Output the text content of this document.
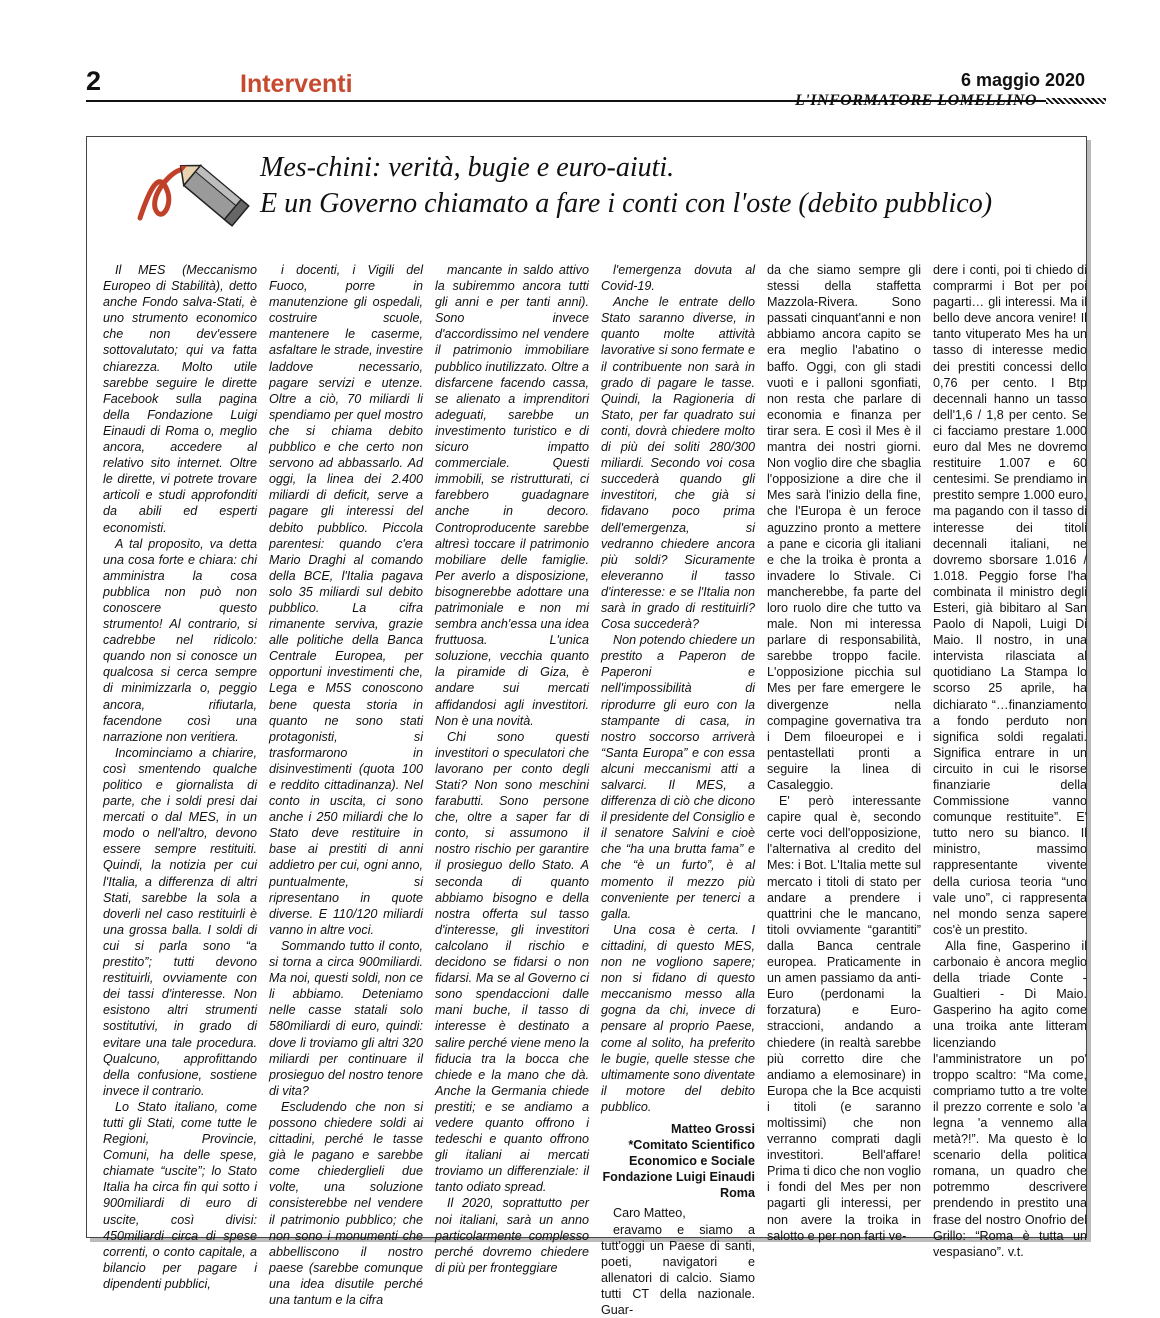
2	Interventi	6 maggio 2020
L'INFORMATORE LOMELLINO
Mes-chini: verità, bugie e euro-aiuti.
E un Governo chiamato a fare i conti con l'oste (debito pubblico)

Il MES (Meccanismo Europeo di Stabilità), detto anche Fondo salva-Stati, è uno strumento economico che non dev'essere sottovalutato; qui va fatta chiarezza. Molto utile sarebbe seguire le dirette Facebook sulla pagina della Fondazione Luigi Einaudi di Roma o, meglio ancora, accedere al relativo sito internet. Oltre le dirette, vi potrete trovare articoli e studi approfonditi da abili ed esperti economisti.

A tal proposito, va detta una cosa forte e chiara: chi amministra la cosa pubblica non può non conoscere questo strumento! Al contrario, si cadrebbe nel ridicolo: quando non si conosce un qualcosa si cerca sempre di minimizzarla o, peggio ancora, rifiutarla, facendone così una narrazione non veritiera.

Incominciamo a chiarire, così smentendo qualche politico e giornalista di parte, che i soldi presi dai mercati o dal MES, in un modo o nell'altro, devono essere sempre restituiti. Quindi, la notizia per cui l'Italia, a differenza di altri Stati, sarebbe la sola a doverli nel caso restituirli è una grossa balla. I soldi di cui si parla sono “a prestito”; tutti devono restituirli, ovviamente con dei tassi d'interesse. Non esistono altri strumenti sostitutivi, in grado di evitare una tale procedura. Qualcuno, approfittando della confusione, sostiene invece il contrario.

Lo Stato italiano, come tutti gli Stati, come tutte le Regioni, Provincie, Comuni, ha delle spese, chiamate “uscite”; lo Stato Italia ha circa fin qui sotto i 900miliardi di euro di uscite, così divisi: 450miliardi circa di spese correnti, o conto capitale, a bilancio per pagare i dipendenti pubblici,

i docenti, i Vigili del Fuoco, porre in manutenzione gli ospedali, costruire scuole, mantenere le caserme, asfaltare le strade, investire laddove necessario, pagare servizi e utenze. Oltre a ciò, 70 miliardi li spendiamo per quel mostro che si chiama debito pubblico e che certo non servono ad abbassarlo. Ad oggi, la linea dei 2.400 miliardi di deficit, serve a pagare gli interessi del debito pubblico. Piccola parentesi: quando c'era Mario Draghi al comando della BCE, l'Italia pagava solo 35 miliardi sul debito pubblico. La cifra rimanente serviva, grazie alle politiche della Banca Centrale Europea, per opportuni investimenti che, Lega e M5S conoscono bene questa storia in quanto ne sono stati protagonisti, si trasformarono in disinvestimenti (quota 100 e reddito cittadinanza). Nel conto in uscita, ci sono anche i 250 miliardi che lo Stato deve restituire in base ai prestiti di anni addietro per cui, ogni anno, puntualmente, si ripresentano in quote diverse. E 110/120 miliardi vanno in altre voci.

Sommando tutto il conto, si torna a circa 900miliardi. Ma noi, questi soldi, non ce li abbiamo. Deteniamo nelle casse statali solo 580miliardi di euro, quindi: dove li troviamo gli altri 320 miliardi per continuare il prosieguo del nostro tenore di vita?

Escludendo che non si possono chiedere soldi ai cittadini, perché le tasse già le pagano e sarebbe come chiederglieli due volte, una soluzione consisterebbe nel vendere il patrimonio pubblico; che non sono i monumenti che abbelliscono il nostro paese (sarebbe comunque una idea disutile perché una tantum e la cifra

mancante in saldo attivo la subiremmo ancora tutti gli anni e per tanti anni). Sono invece d'accordissimo nel vendere il patrimonio immobiliare pubblico inutilizzato. Oltre a disfarcene facendo cassa, se alienato a imprenditori adeguati, sarebbe un investimento turistico e di sicuro impatto commerciale. Questi immobili, se ristrutturati, ci farebbero guadagnare anche in decoro. Controproducente sarebbe altresì toccare il patrimonio mobiliare delle famiglie. Per averlo a disposizione, bisognerebbe adottare una patrimoniale e non mi sembra anch'essa una idea fruttuosa. L'unica soluzione, vecchia quanto la piramide di Giza, è andare sui mercati affidandosi agli investitori. Non è una novità.

Chi sono questi investitori o speculatori che lavorano per conto degli Stati? Non sono meschini farabutti. Sono persone che, oltre a saper far di conto, si assumono il nostro rischio per garantire il prosieguo dello Stato. A seconda di quanto abbiamo bisogno e della nostra offerta sul tasso d'interesse, gli investitori calcolano il rischio e decidono se fidarsi o non fidarsi. Ma se al Governo ci sono spendaccioni dalle mani buche, il tasso di interesse è destinato a salire perché viene meno la fiducia tra la bocca che chiede e la mano che dà. Anche la Germania chiede prestiti; e se andiamo a vedere quanto offrono i tedeschi e quanto offrono gli italiani ai mercati troviamo un differenziale: il tanto odiato spread.

Il 2020, soprattutto per noi italiani, sarà un anno particolarmente complesso perché dovremo chiedere di più per fronteggiare

l'emergenza dovuta al Covid-19.

Anche le entrate dello Stato saranno diverse, in quanto molte attività lavorative si sono fermate e il contribuente non sarà in grado di pagare le tasse. Quindi, la Ragioneria di Stato, per far quadrato sui conti, dovrà chiedere molto di più dei soliti 280/300 miliardi. Secondo voi cosa succederà quando gli investitori, che già si fidavano poco prima dell'emergenza, si vedranno chiedere ancora più soldi? Sicuramente eleveranno il tasso d'interesse: e se l'Italia non sarà in grado di restituirli? Cosa succederà?

Non potendo chiedere un prestito a Paperon de Paperoni e nell'impossibilità di riprodurre gli euro con la stampante di casa, in nostro soccorso arriverà “Santa Europa” e con essa alcuni meccanismi atti a salvarci. Il MES, a differenza di ciò che dicono il presidente del Consiglio e il senatore Salvini e cioè che “ha una brutta fama” e che “è un furto”, è al momento il mezzo più conveniente per tenerci a galla.

Una cosa è certa. I cittadini, di questo MES, non ne vogliono sapere; non si fidano di questo meccanismo messo alla gogna da chi, invece di pensare al proprio Paese, come al solito, ha preferito le bugie, quelle stesse che ultimamente sono diventate il motore del debito pubblico.

Matteo Grossi
*Comitato Scientifico
Economico e Sociale
Fondazione Luigi Einaudi
Roma

Caro Matteo,

eravamo e siamo a tutt'oggi un Paese di santi, poeti, navigatori e allenatori di calcio. Siamo tutti CT della nazionale. Guar-

da che siamo sempre gli stessi della staffetta Mazzola-Rivera. Sono passati cinquant'anni e non abbiamo ancora capito se era meglio l'abatino o baffo. Oggi, con gli stadi vuoti e i palloni sgonfiati, non resta che parlare di economia e finanza per tirar sera. E così il Mes è il mantra dei nostri giorni. Non voglio dire che sbaglia l'opposizione a dire che il Mes sarà l'inizio della fine, che l'Europa è un feroce aguzzino pronto a mettere a pane e cicoria gli italiani e che la troika è pronta a invadere lo Stivale. Ci mancherebbe, fa parte del loro ruolo dire che tutto va male. Non mi interessa parlare di responsabilità, sarebbe troppo facile. L'opposizione picchia sul Mes per fare emergere le divergenze nella compagine governativa tra i Dem filoeuropei e i pentastellati pronti a seguire la linea di Casaleggio.

E' però interessante capire qual è, secondo certe voci dell'opposizione, l'alternativa al credito del Mes: i Bot. L'Italia mette sul mercato i titoli di stato per andare a prendere i quattrini che le mancano, titoli ovviamente “garantiti” dalla Banca centrale europea. Praticamente in un amen passiamo da anti-Euro (perdonami la forzatura) e Euro-straccioni, andando a chiedere (in realtà sarebbe più corretto dire che andiamo a elemosinare) in Europa che la Bce acquisti i titoli (e saranno moltissimi) che non verranno comprati dagli investitori. Bell'affare! Prima ti dico che non voglio i fondi del Mes per non pagarti gli interessi, per non avere la troika in salotto e per non farti ve-

dere i conti, poi ti chiedo di comprarmi i Bot per poi pagarti… gli interessi. Ma il bello deve ancora venire! Il tanto vituperato Mes ha un tasso di interesse medio dei prestiti concessi dello 0,76 per cento. I Btp decennali hanno un tasso dell'1,6 / 1,8 per cento. Se ci facciamo prestare 1.000 euro dal Mes ne dovremo restituire 1.007 e 60 centesimi. Se prendiamo in prestito sempre 1.000 euro, ma pagando con il tasso di interesse dei titoli decennali italiani, ne dovremo sborsare 1.016 / 1.018. Peggio forse l'ha combinata il ministro degli Esteri, già bibitaro al San Paolo di Napoli, Luigi Di Maio. Il nostro, in una intervista rilasciata al quotidiano La Stampa lo scorso 25 aprile, ha dichiarato “…finanziamento a fondo perduto non significa soldi regalati. Significa entrare in un circuito in cui le risorse finanziarie della Commissione vanno comunque restituite”. E' tutto nero su bianco. Il ministro, massimo rappresentante vivente della curiosa teoria “uno vale uno”, ci rappresenta nel mondo senza sapere cos'è un prestito.

Alla fine, Gasperino il carbonaio è ancora meglio della triade Conte - Gualtieri - Di Maio. Gasperino ha agito come una troika ante litteram licenziando l'amministratore un po' troppo scaltro: “Ma come, compriamo tutto a tre volte il prezzo corrente e solo 'a legna 'a vennemo alla metà?!”. Ma questo è lo scenario della politica romana, un quadro che potremmo descrivere prendendo in prestito una frase del nostro Onofrio del Grillo: “Roma è tutta un vespasiano”. v.t.
